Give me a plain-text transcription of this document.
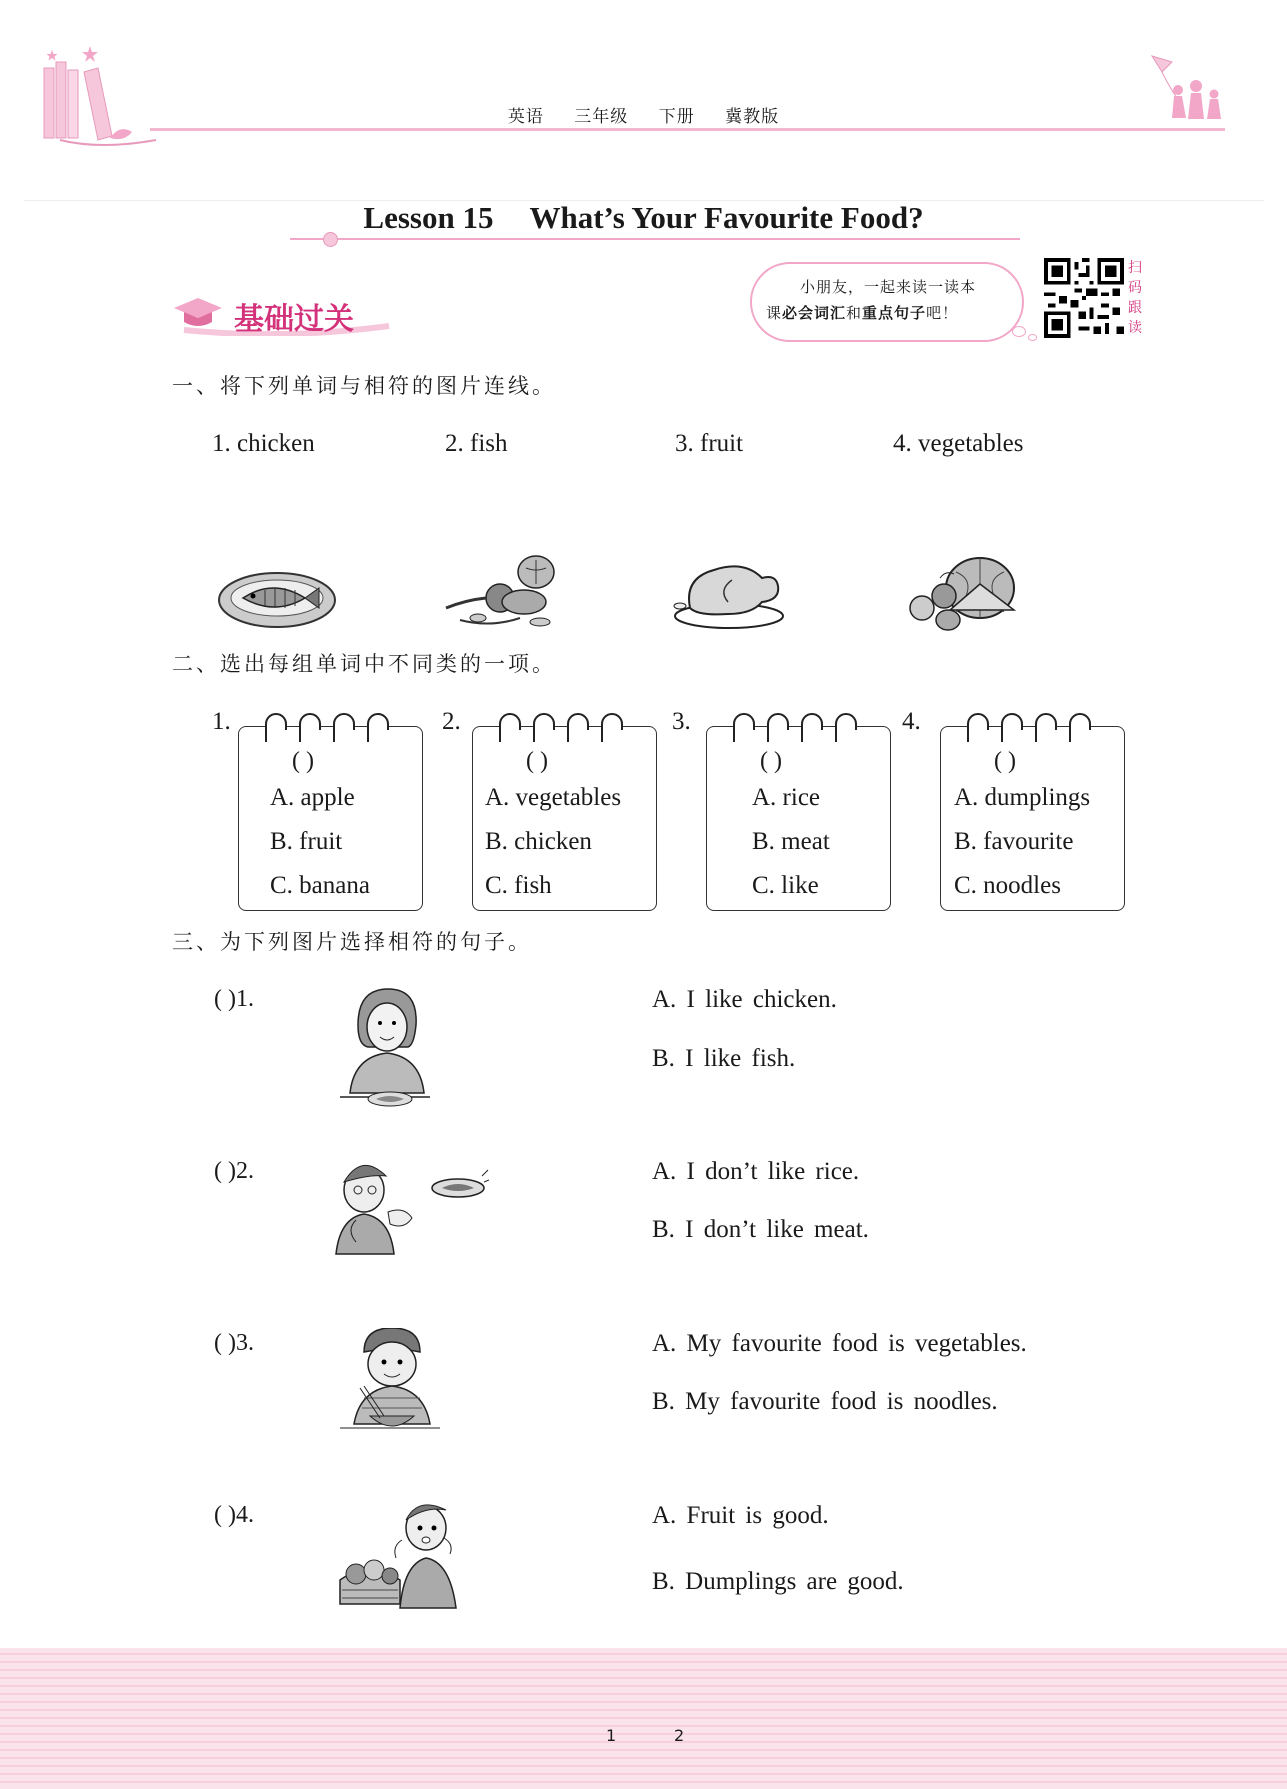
英语 三年级 下册 冀教版
Lesson 15 What’s Your Favourite Food?
基础过关
小朋友，一起来读一读本
课必会词汇和重点句子吧！
扫
码
跟
读
一、将下列单词与相符的图片连线。
1. chicken	2. fish	3. fruit	4. vegetables
二、选出每组单词中不同类的一项。
1.
( )
A. apple
B. fruit
C. banana
2.
( )
A. vegetables
B. chicken
C. fish
3.
( )
A. rice
B. meat
C. like
4.
( )
A. dumplings
B. favourite
C. noodles
三、为下列图片选择相符的句子。
( )1.	A. I like chicken.
B. I like fish.
( )2.	A. I don’t like rice.
B. I don’t like meat.
( )3.	A. My favourite food is vegetables.
B. My favourite food is noodles.
( )4.	A. Fruit is good.
B. Dumplings are good.
1	2
